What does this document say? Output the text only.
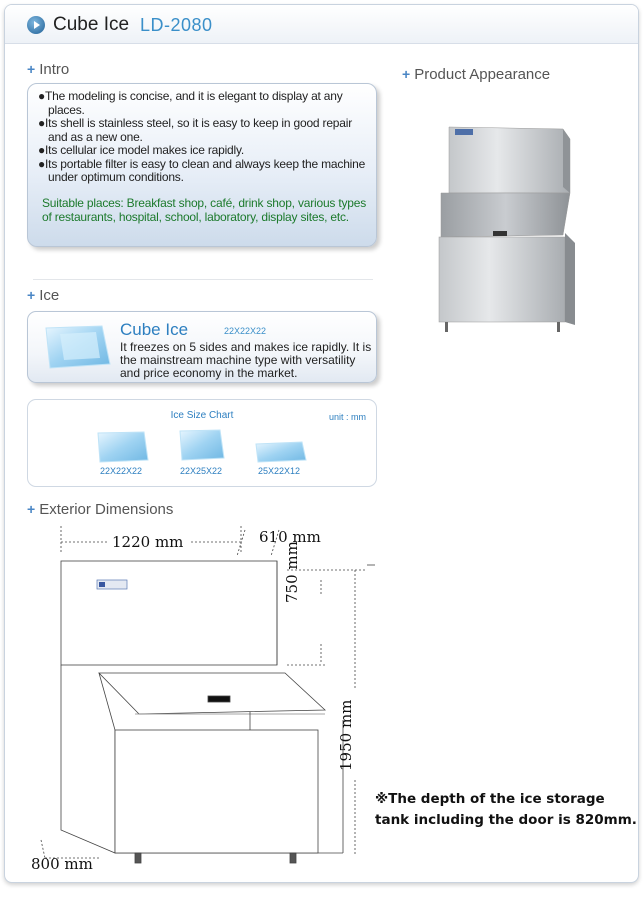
Cube Ice LD-2080
+ Intro
●The modeling is concise, and it is elegant to display at any places.
●Its shell is stainless steel, so it is easy to keep in good repair and as a new one.
●Its cellular ice model makes ice rapidly.
●Its portable filter is easy to clean and always keep the machine under optimum conditions.
Suitable places: Breakfast shop, café, drink shop, various types of restaurants, hospital, school, laboratory, display sites, etc.
+ Product Appearance
+ Ice
Cube Ice	22X22X22
It freezes on 5 sides and makes ice rapidly. It is the mainstream machine type with versatility and price economy in the market.
Ice Size Chart	unit : mm
22X22X22	22X25X22	25X22X12
+ Exterior Dimensions
1220 mm	610 mm
750 mm
1950 mm
800 mm
※The depth of the ice storage tank including the door is 820mm.
